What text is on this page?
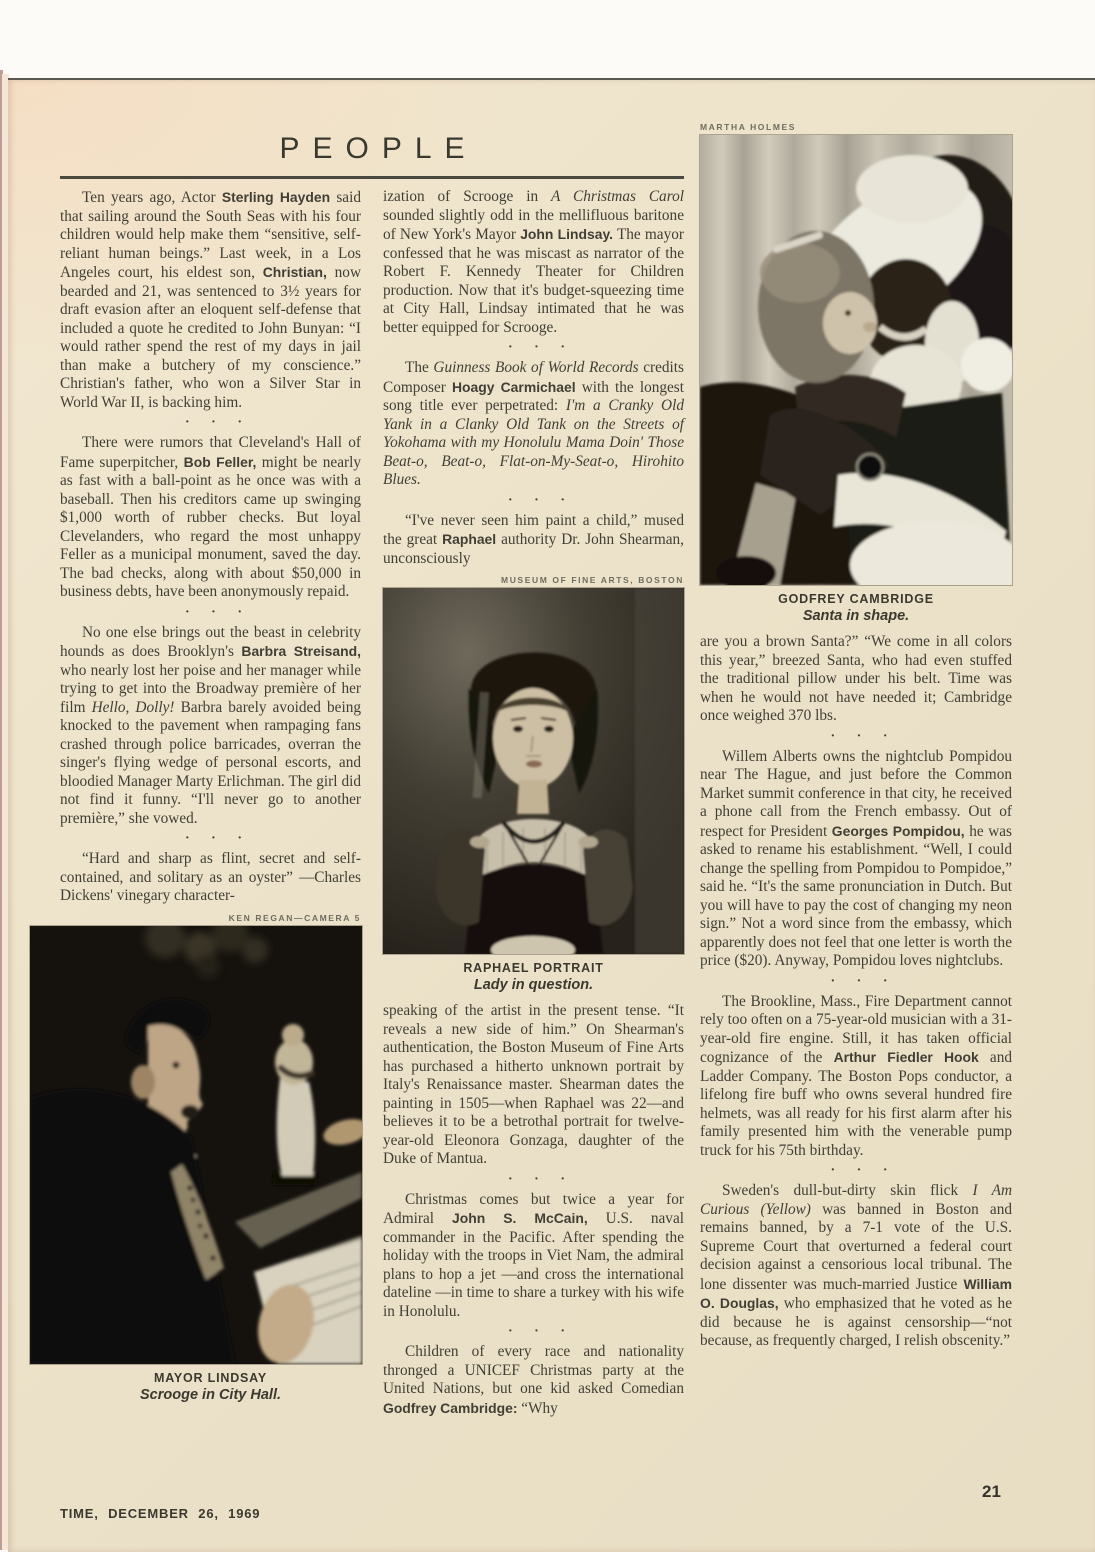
PEOPLE

Ten years ago, Actor Sterling Hayden said that sailing around the South Seas with his four children would help make them “sensitive, self-reliant human beings.” Last week, in a Los Angeles court, his eldest son, Christian, now bearded and 21, was sentenced to 3½ years for draft evasion after an eloquent self-defense that included a quote he credited to John Bunyan: “I would rather spend the rest of my days in jail than make a butchery of my conscience.” Christian's father, who won a Silver Star in World War II, is backing him.

· · ·

There were rumors that Cleveland's Hall of Fame superpitcher, Bob Feller, might be nearly as fast with a ball-point as he once was with a baseball. Then his creditors came up swinging $1,000 worth of rubber checks. But loyal Clevelanders, who regard the most unhappy Feller as a municipal monument, saved the day. The bad checks, along with about $50,000 in business debts, have been anonymously repaid.

· · ·

No one else brings out the beast in celebrity hounds as does Brooklyn's Barbra Streisand, who nearly lost her poise and her manager while trying to get into the Broadway première of her film Hello, Dolly! Barbra barely avoided being knocked to the pavement when rampaging fans crashed through police barricades, overran the singer's flying wedge of personal escorts, and bloodied Manager Marty Erlichman. The girl did not find it funny. “I'll never go to another première,” she vowed.

· · ·

“Hard and sharp as flint, secret and self-contained, and solitary as an oyster” —Charles Dickens' vinegary character-

KEN REGAN—CAMERA 5
MAYOR LINDSAY
Scrooge in City Hall.

ization of Scrooge in A Christmas Carol sounded slightly odd in the mellifluous baritone of New York's Mayor John Lindsay. The mayor confessed that he was miscast as narrator of the Robert F. Kennedy Theater for Children production. Now that it's budget-squeezing time at City Hall, Lindsay intimated that he was better equipped for Scrooge.

· · ·

The Guinness Book of World Records credits Composer Hoagy Carmichael with the longest song title ever perpetrated: I'm a Cranky Old Yank in a Clanky Old Tank on the Streets of Yokohama with my Honolulu Mama Doin' Those Beat-o, Beat-o, Flat-on-My-Seat-o, Hirohito Blues.

· · ·

“I've never seen him paint a child,” mused the great Raphael authority Dr. John Shearman, unconsciously

MUSEUM OF FINE ARTS, BOSTON
RAPHAEL PORTRAIT
Lady in question.

speaking of the artist in the present tense. “It reveals a new side of him.” On Shearman's authentication, the Boston Museum of Fine Arts has purchased a hitherto unknown portrait by Italy's Renaissance master. Shearman dates the painting in 1505—when Raphael was 22—and believes it to be a betrothal portrait for twelve-year-old Eleonora Gonzaga, daughter of the Duke of Mantua.

· · ·

Christmas comes but twice a year for Admiral John S. McCain, U.S. naval commander in the Pacific. After spending the holiday with the troops in Viet Nam, the admiral plans to hop a jet —and cross the international dateline —in time to share a turkey with his wife in Honolulu.

· · ·

Children of every race and nationality thronged a UNICEF Christmas party at the United Nations, but one kid asked Comedian Godfrey Cambridge: “Why

MARTHA HOLMES
GODFREY CAMBRIDGE
Santa in shape.

are you a brown Santa?” “We come in all colors this year,” breezed Santa, who had even stuffed the traditional pillow under his belt. Time was when he would not have needed it; Cambridge once weighed 370 lbs.

· · ·

Willem Alberts owns the nightclub Pompidou near The Hague, and just before the Common Market summit conference in that city, he received a phone call from the French embassy. Out of respect for President Georges Pompidou, he was asked to rename his establishment. “Well, I could change the spelling from Pompidou to Pompidoe,” said he. “It's the same pronunciation in Dutch. But you will have to pay the cost of changing my neon sign.” Not a word since from the embassy, which apparently does not feel that one letter is worth the price ($20). Anyway, Pompidou loves nightclubs.

· · ·

The Brookline, Mass., Fire Department cannot rely too often on a 75-year-old musician with a 31-year-old fire engine. Still, it has taken official cognizance of the Arthur Fiedler Hook and Ladder Company. The Boston Pops conductor, a lifelong fire buff who owns several hundred fire helmets, was all ready for his first alarm after his family presented him with the venerable pump truck for his 75th birthday.

· · ·

Sweden's dull-but-dirty skin flick I Am Curious (Yellow) was banned in Boston and remains banned, by a 7-1 vote of the U.S. Supreme Court that overturned a federal court decision against a censorious local tribunal. The lone dissenter was much-married Justice William O. Douglas, who emphasized that he voted as he did because he is against censorship—“not because, as frequently charged, I relish obscenity.”

TIME, DECEMBER 26, 1969
21
